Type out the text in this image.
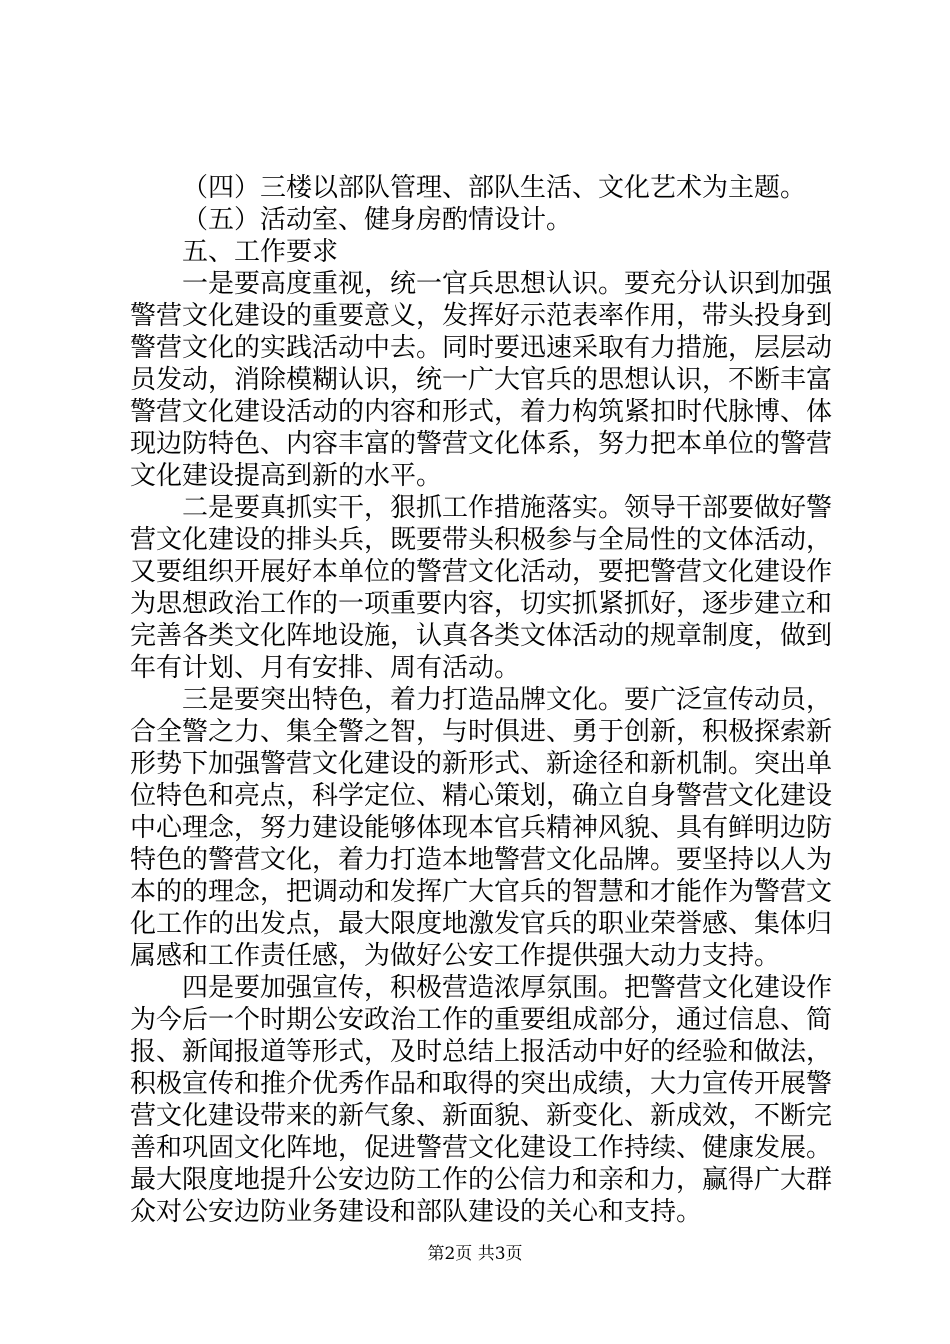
（四）三楼以部队管理、部队生活、文化艺术为主题。
（五）活动室、健身房酌情设计。
五、工作要求
一是要高度重视，统一官兵思想认识。要充分认识到加强
警营文化建设的重要意义，发挥好示范表率作用，带头投身到
警营文化的实践活动中去。同时要迅速采取有力措施，层层动
员发动，消除模糊认识，统一广大官兵的思想认识，不断丰富
警营文化建设活动的内容和形式，着力构筑紧扣时代脉博、体
现边防特色、内容丰富的警营文化体系，努力把本单位的警营
文化建设提高到新的水平。
二是要真抓实干，狠抓工作措施落实。领导干部要做好警
营文化建设的排头兵，既要带头积极参与全局性的文体活动，
又要组织开展好本单位的警营文化活动，要把警营文化建设作
为思想政治工作的一项重要内容，切实抓紧抓好，逐步建立和
完善各类文化阵地设施，认真各类文体活动的规章制度，做到
年有计划、月有安排、周有活动。
三是要突出特色，着力打造品牌文化。要广泛宣传动员，
合全警之力、集全警之智，与时俱进、勇于创新，积极探索新
形势下加强警营文化建设的新形式、新途径和新机制。突出单
位特色和亮点，科学定位、精心策划，确立自身警营文化建设
中心理念，努力建设能够体现本官兵精神风貌、具有鲜明边防
特色的警营文化，着力打造本地警营文化品牌。要坚持以人为
本的的理念，把调动和发挥广大官兵的智慧和才能作为警营文
化工作的出发点，最大限度地激发官兵的职业荣誉感、集体归
属感和工作责任感，为做好公安工作提供强大动力支持。
四是要加强宣传，积极营造浓厚氛围。把警营文化建设作
为今后一个时期公安政治工作的重要组成部分，通过信息、简
报、新闻报道等形式，及时总结上报活动中好的经验和做法，
积极宣传和推介优秀作品和取得的突出成绩，大力宣传开展警
营文化建设带来的新气象、新面貌、新变化、新成效，不断完
善和巩固文化阵地，促进警营文化建设工作持续、健康发展。
最大限度地提升公安边防工作的公信力和亲和力，赢得广大群
众对公安边防业务建设和部队建设的关心和支持。
第2页 共3页
